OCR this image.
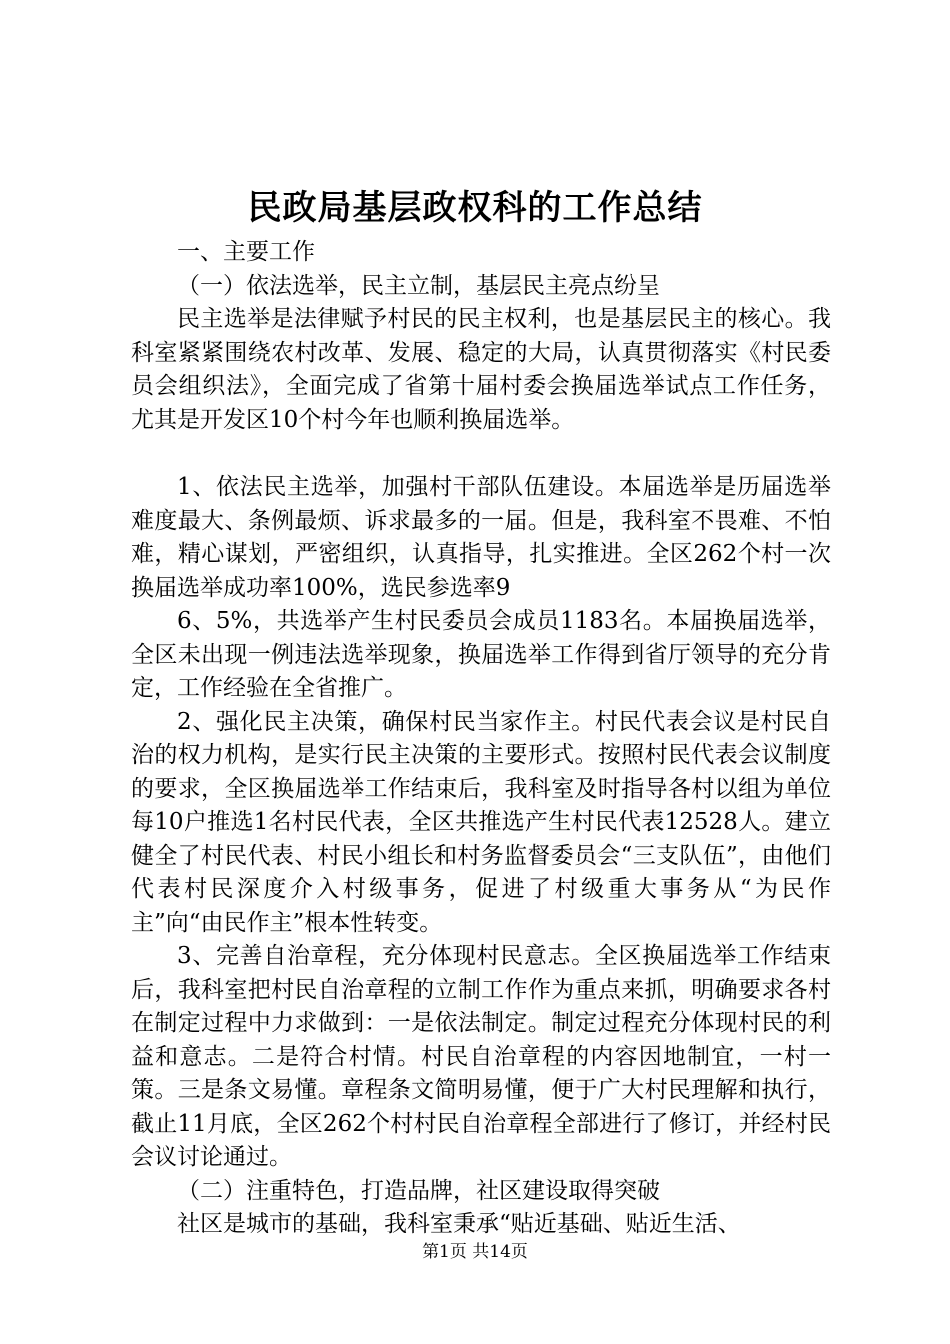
民政局基层政权科的工作总结

一、主要工作

（一）依法选举，民主立制，基层民主亮点纷呈

民主选举是法律赋予村民的民主权利，也是基层民主的核心。我科室紧紧围绕农村改革、发展、稳定的大局，认真贯彻落实《村民委员会组织法》，全面完成了省第十届村委会换届选举试点工作任务，尤其是开发区10个村今年也顺利换届选举。

1、依法民主选举，加强村干部队伍建设。本届选举是历届选举难度最大、条例最烦、诉求最多的一届。但是，我科室不畏难、不怕难，精心谋划，严密组织，认真指导，扎实推进。全区262个村一次换届选举成功率100%，选民参选率9

6、5%，共选举产生村民委员会成员1183名。本届换届选举，全区未出现一例违法选举现象，换届选举工作得到省厅领导的充分肯定，工作经验在全省推广。

2、强化民主决策，确保村民当家作主。村民代表会议是村民自治的权力机构，是实行民主决策的主要形式。按照村民代表会议制度的要求，全区换届选举工作结束后，我科室及时指导各村以组为单位每10户推选1名村民代表，全区共推选产生村民代表12528人。建立健全了村民代表、村民小组长和村务监督委员会“三支队伍”，由他们代表村民深度介入村级事务，促进了村级重大事务从“为民作主”向“由民作主”根本性转变。

3、完善自治章程，充分体现村民意志。全区换届选举工作结束后，我科室把村民自治章程的立制工作作为重点来抓，明确要求各村在制定过程中力求做到：一是依法制定。制定过程充分体现村民的利益和意志。二是符合村情。村民自治章程的内容因地制宜，一村一策。三是条文易懂。章程条文简明易懂，便于广大村民理解和执行，截止11月底，全区262个村村民自治章程全部进行了修订，并经村民会议讨论通过。

（二）注重特色，打造品牌，社区建设取得突破

社区是城市的基础，我科室秉承“贴近基础、贴近生活、

第1页 共14页
